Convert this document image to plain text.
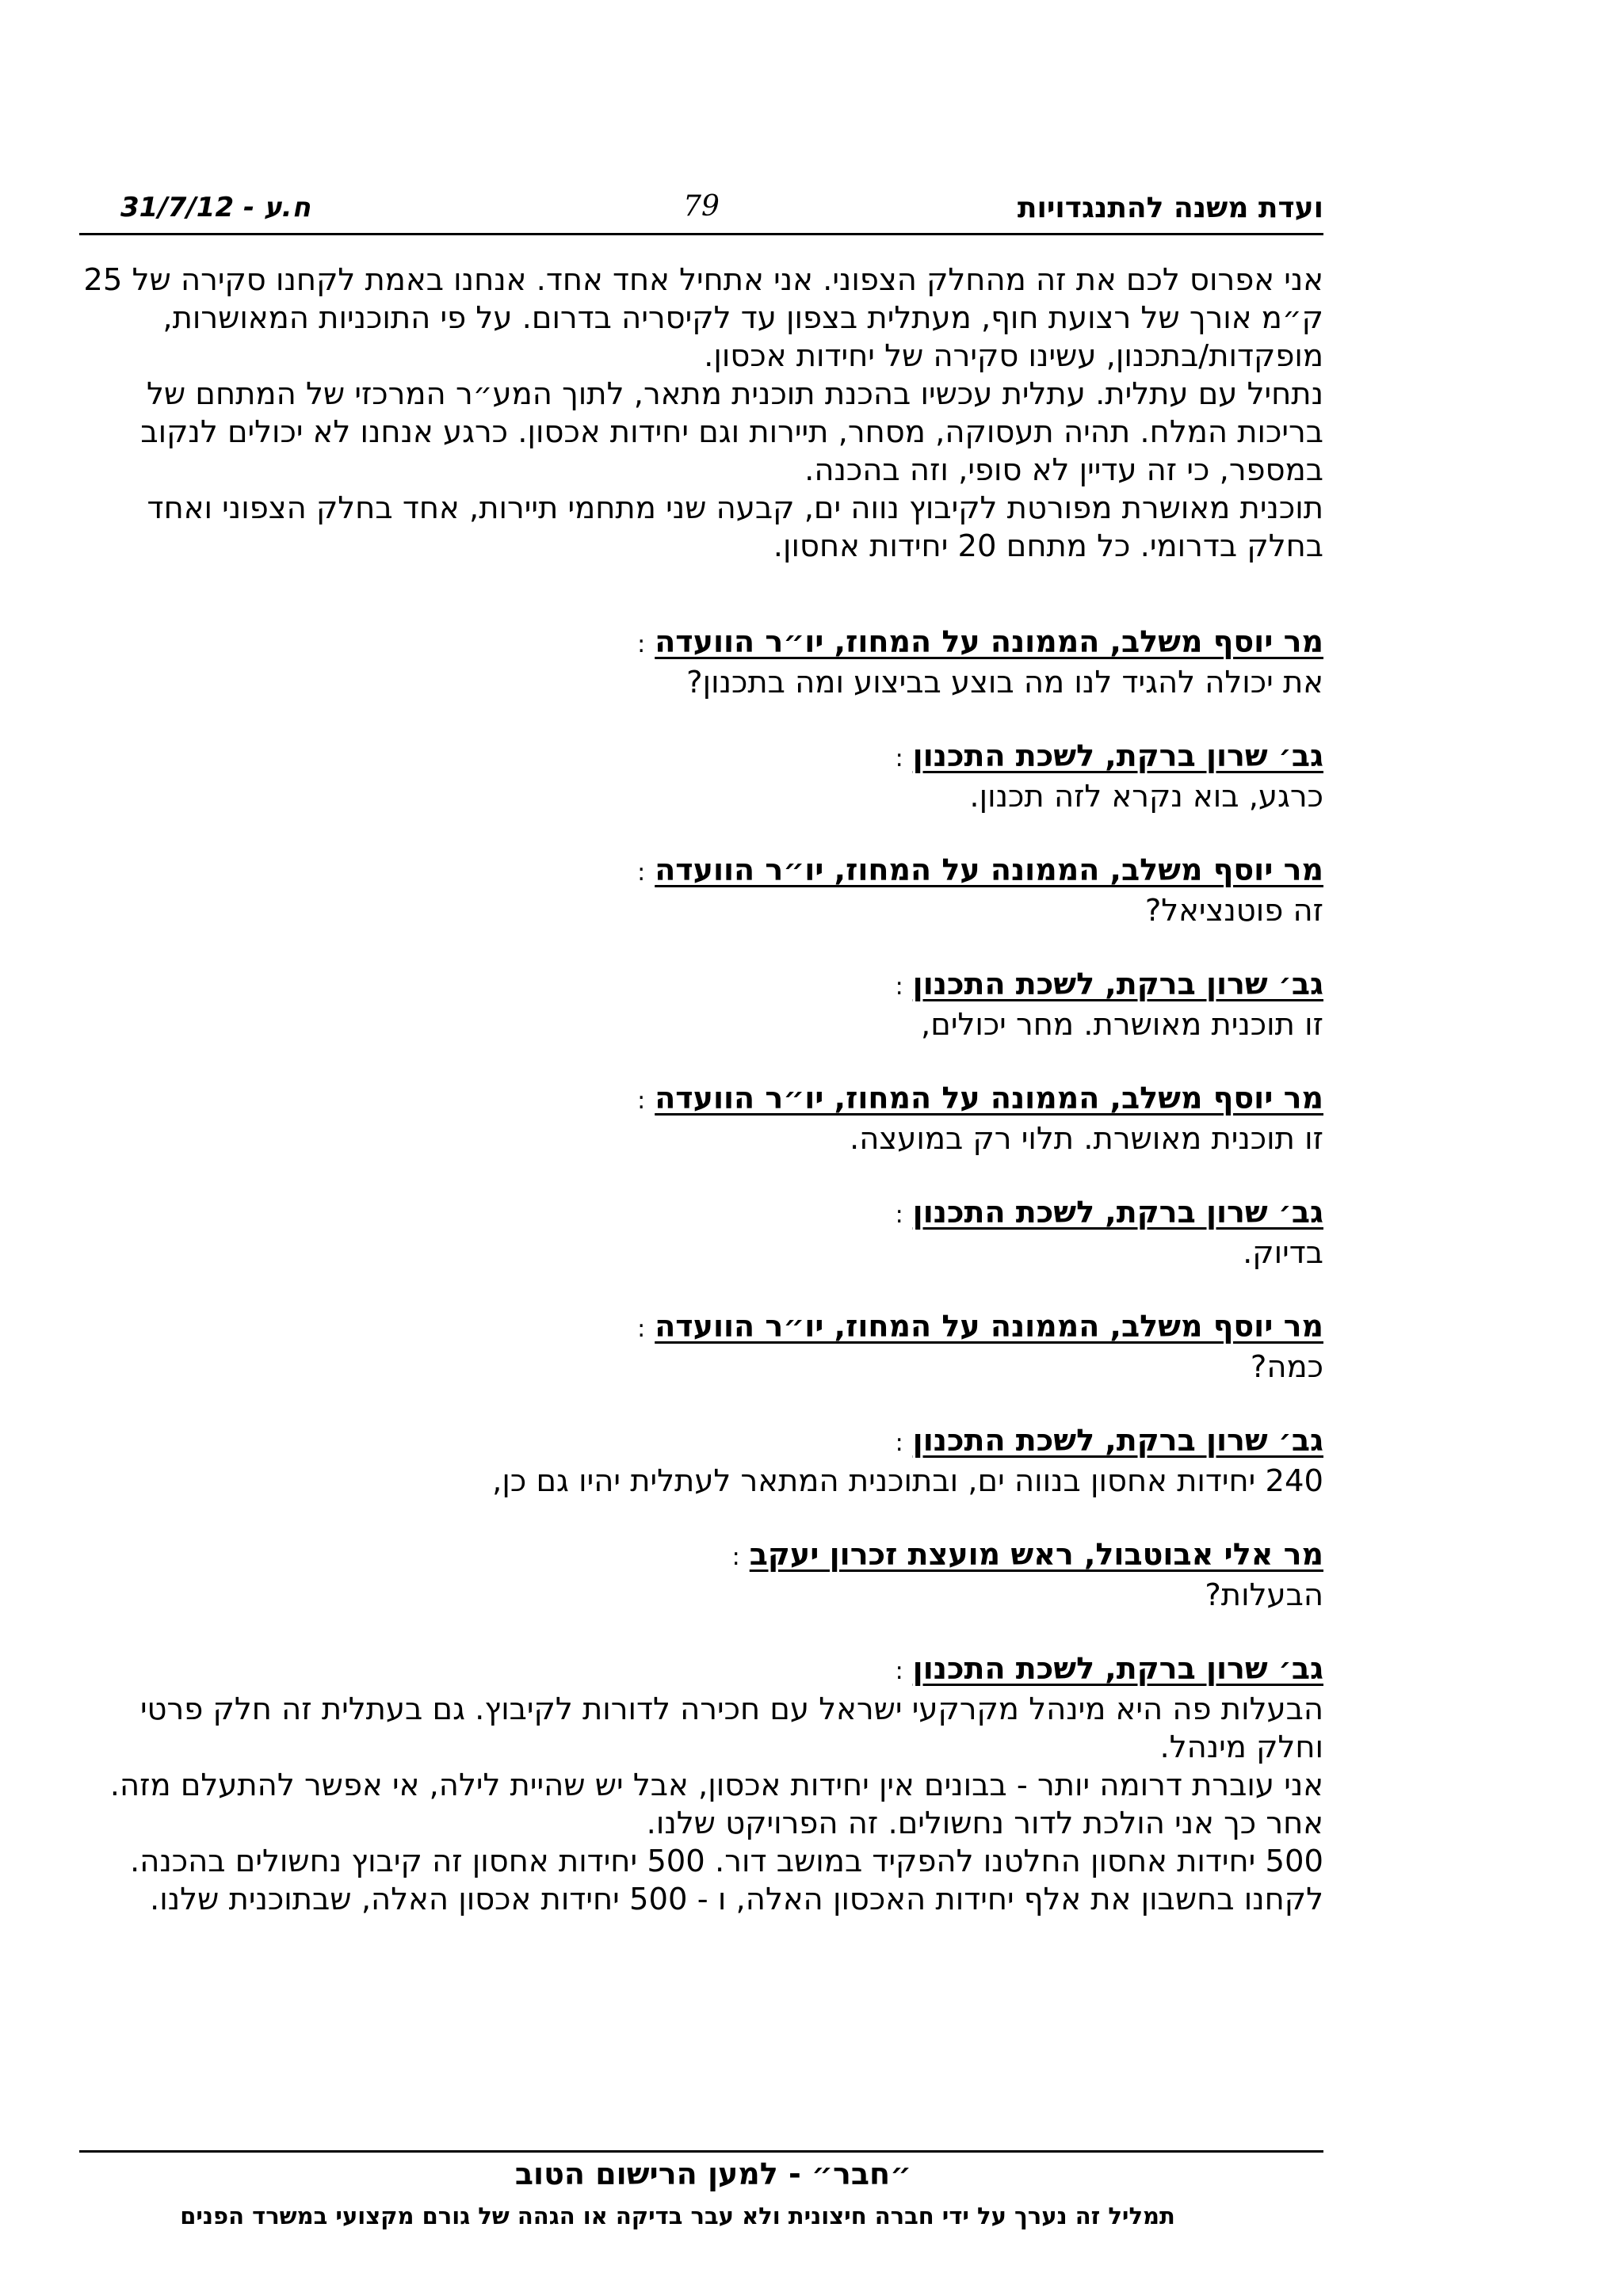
ועדת משנה להתנגדויות
79
31/7/12 - ח.ע

אני אפרוס לכם את זה מהחלק הצפוני. אני אתחיל אחד אחד. אנחנו באמת לקחנו סקירה של 25 ק״מ אורך של רצועת חוף, מעתלית בצפון עד לקיסריה בדרום. על פי התוכניות המאושרות, מופקדות/בתכנון, עשינו סקירה של יחידות אכסון.

נתחיל עם עתלית. עתלית עכשיו בהכנת תוכנית מתאר, לתוך המע״ר המרכזי של המתחם של בריכות המלח. תהיה תעסוקה, מסחר, תיירות וגם יחידות אכסון. כרגע אנחנו לא יכולים לנקוב במספר, כי זה עדיין לא סופי, וזה בהכנה.

תוכנית מאושרת מפורטת לקיבוץ נווה ים, קבעה שני מתחמי תיירות, אחד בחלק הצפוני ואחד בחלק בדרומי. כל מתחם 20 יחידות אחסון.

מר יוסף משלב, הממונה על המחוז, יו״ר הוועדה:
את יכולה להגיד לנו מה בוצע בביצוע ומה בתכנון?
גב׳ שרון ברקת, לשכת התכנון:
כרגע, בוא נקרא לזה תכנון.
מר יוסף משלב, הממונה על המחוז, יו״ר הוועדה:
זה פוטנציאל?
גב׳ שרון ברקת, לשכת התכנון:
זו תוכנית מאושרת. מחר יכולים,
מר יוסף משלב, הממונה על המחוז, יו״ר הוועדה:
זו תוכנית מאושרת. תלוי רק במועצה.
גב׳ שרון ברקת, לשכת התכנון:
בדיוק.
מר יוסף משלב, הממונה על המחוז, יו״ר הוועדה:
כמה?
גב׳ שרון ברקת, לשכת התכנון:
240 יחידות אחסון בנווה ים, ובתוכנית המתאר לעתלית יהיו גם כן,
מר אלי אבוטבול, ראש מועצת זכרון יעקב:
הבעלות?
גב׳ שרון ברקת, לשכת התכנון:

הבעלות פה היא מינהל מקרקעי ישראל עם חכירה לדורות לקיבוץ. גם בעתלית זה חלק פרטי וחלק מינהל.

אני עוברת דרומה יותר - בבונים אין יחידות אכסון, אבל יש שהיית לילה, אי אפשר להתעלם מזה. אחר כך אני הולכת לדור נחשולים. זה הפרויקט שלנו.

500 יחידות אחסון החלטנו להפקיד במושב דור. 500 יחידות אחסון זה קיבוץ נחשולים בהכנה. לקחנו בחשבון את אלף יחידות האכסון האלה, ו - 500 יחידות אכסון האלה, שבתוכנית שלנו.

״חבר״ - למען הרישום הטוב
תמליל זה נערך על ידי חברה חיצונית ולא עבר בדיקה או הגהה של גורם מקצועי במשרד הפנים
